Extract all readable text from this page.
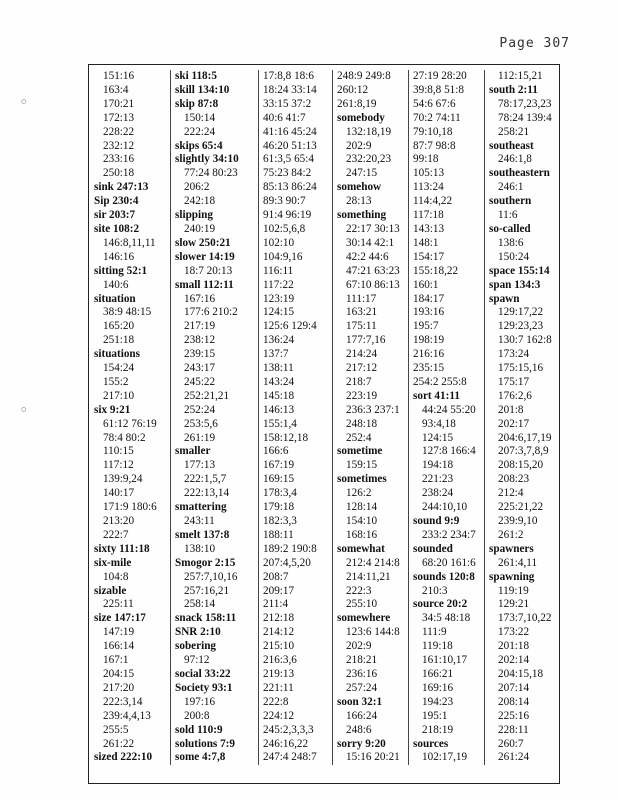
Page 307
⸰
⸰
151:16
163:4
170:21
172:13
228:22
232:12
233:16
250:18
sink 247:13
Sip 230:4
sir 203:7
site 108:2
146:8,11,11
146:16
sitting 52:1
140:6
situation
38:9 48:15
165:20
251:18
situations
154:24
155:2
217:10
six 9:21
61:12 76:19
78:4 80:2
110:15
117:12
139:9,24
140:17
171:9 180:6
213:20
222:7
sixty 111:18
six-mile
104:8
sizable
225:11
size 147:17
147:19
166:14
167:1
204:15
217:20
222:3,14
239:4,4,13
255:5
261:22
sized 222:10
ski 118:5
skill 134:10
skip 87:8
150:14
222:24
skips 65:4
slightly 34:10
77:24 80:23
206:2
242:18
slipping
240:19
slow 250:21
slower 14:19
18:7 20:13
small 112:11
167:16
177:6 210:2
217:19
238:12
239:15
243:17
245:22
252:21,21
252:24
253:5,6
261:19
smaller
177:13
222:1,5,7
222:13,14
smattering
243:11
smelt 137:8
138:10
Smogor 2:15
257:7,10,16
257:16,21
258:14
snack 158:11
SNR 2:10
sobering
97:12
social 33:22
Society 93:1
197:16
200:8
sold 110:9
solutions 7:9
some 4:7,8
17:8,8 18:6
18:24 33:14
33:15 37:2
40:6 41:7
41:16 45:24
46:20 51:13
61:3,5 65:4
75:23 84:2
85:13 86:24
89:3 90:7
91:4 96:19
102:5,6,8
102:10
104:9,16
116:11
117:22
123:19
124:15
125:6 129:4
136:24
137:7
138:11
143:24
145:18
146:13
155:1,4
158:12,18
166:6
167:19
169:15
178:3,4
179:18
182:3,3
188:11
189:2 190:8
207:4,5,20
208:7
209:17
211:4
212:18
214:12
215:10
216:3,6
219:13
221:11
222:8
224:12
245:2,3,3,3
246:16,22
247:4 248:7
248:9 249:8
260:12
261:8,19
somebody
132:18,19
202:9
232:20,23
247:15
somehow
28:13
something
22:17 30:13
30:14 42:1
42:2 44:6
47:21 63:23
67:10 86:13
111:17
163:21
175:11
177:7,16
214:24
217:12
218:7
223:19
236:3 237:1
248:18
252:4
sometime
159:15
sometimes
126:2
128:14
154:10
168:16
somewhat
212:4 214:8
214:11,21
222:3
255:10
somewhere
123:6 144:8
202:9
218:21
236:16
257:24
soon 32:1
166:24
248:6
sorry 9:20
15:16 20:21
27:19 28:20
39:8,8 51:8
54:6 67:6
70:2 74:11
79:10,18
87:7 98:8
99:18
105:13
113:24
114:4,22
117:18
143:13
148:1
154:17
155:18,22
160:1
184:17
193:16
195:7
198:19
216:16
235:15
254:2 255:8
sort 41:11
44:24 55:20
93:4,18
124:15
127:8 166:4
194:18
221:23
238:24
244:10,10
sound 9:9
233:2 234:7
sounded
68:20 161:6
sounds 120:8
210:3
source 20:2
34:5 48:18
111:9
119:18
161:10,17
166:21
169:16
194:23
195:1
218:19
sources
102:17,19
112:15,21
south 2:11
78:17,23,23
78:24 139:4
258:21
southeast
246:1,8
southeastern
246:1
southern
11:6
so-called
138:6
150:24
space 155:14
span 134:3
spawn
129:17,22
129:23,23
130:7 162:8
173:24
175:15,16
175:17
176:2,6
201:8
202:17
204:6,17,19
207:3,7,8,9
208:15,20
208:23
212:4
225:21,22
239:9,10
261:2
spawners
261:4,11
spawning
119:19
129:21
173:7,10,22
173:22
201:18
202:14
204:15,18
207:14
208:14
225:16
228:11
260:7
261:24
